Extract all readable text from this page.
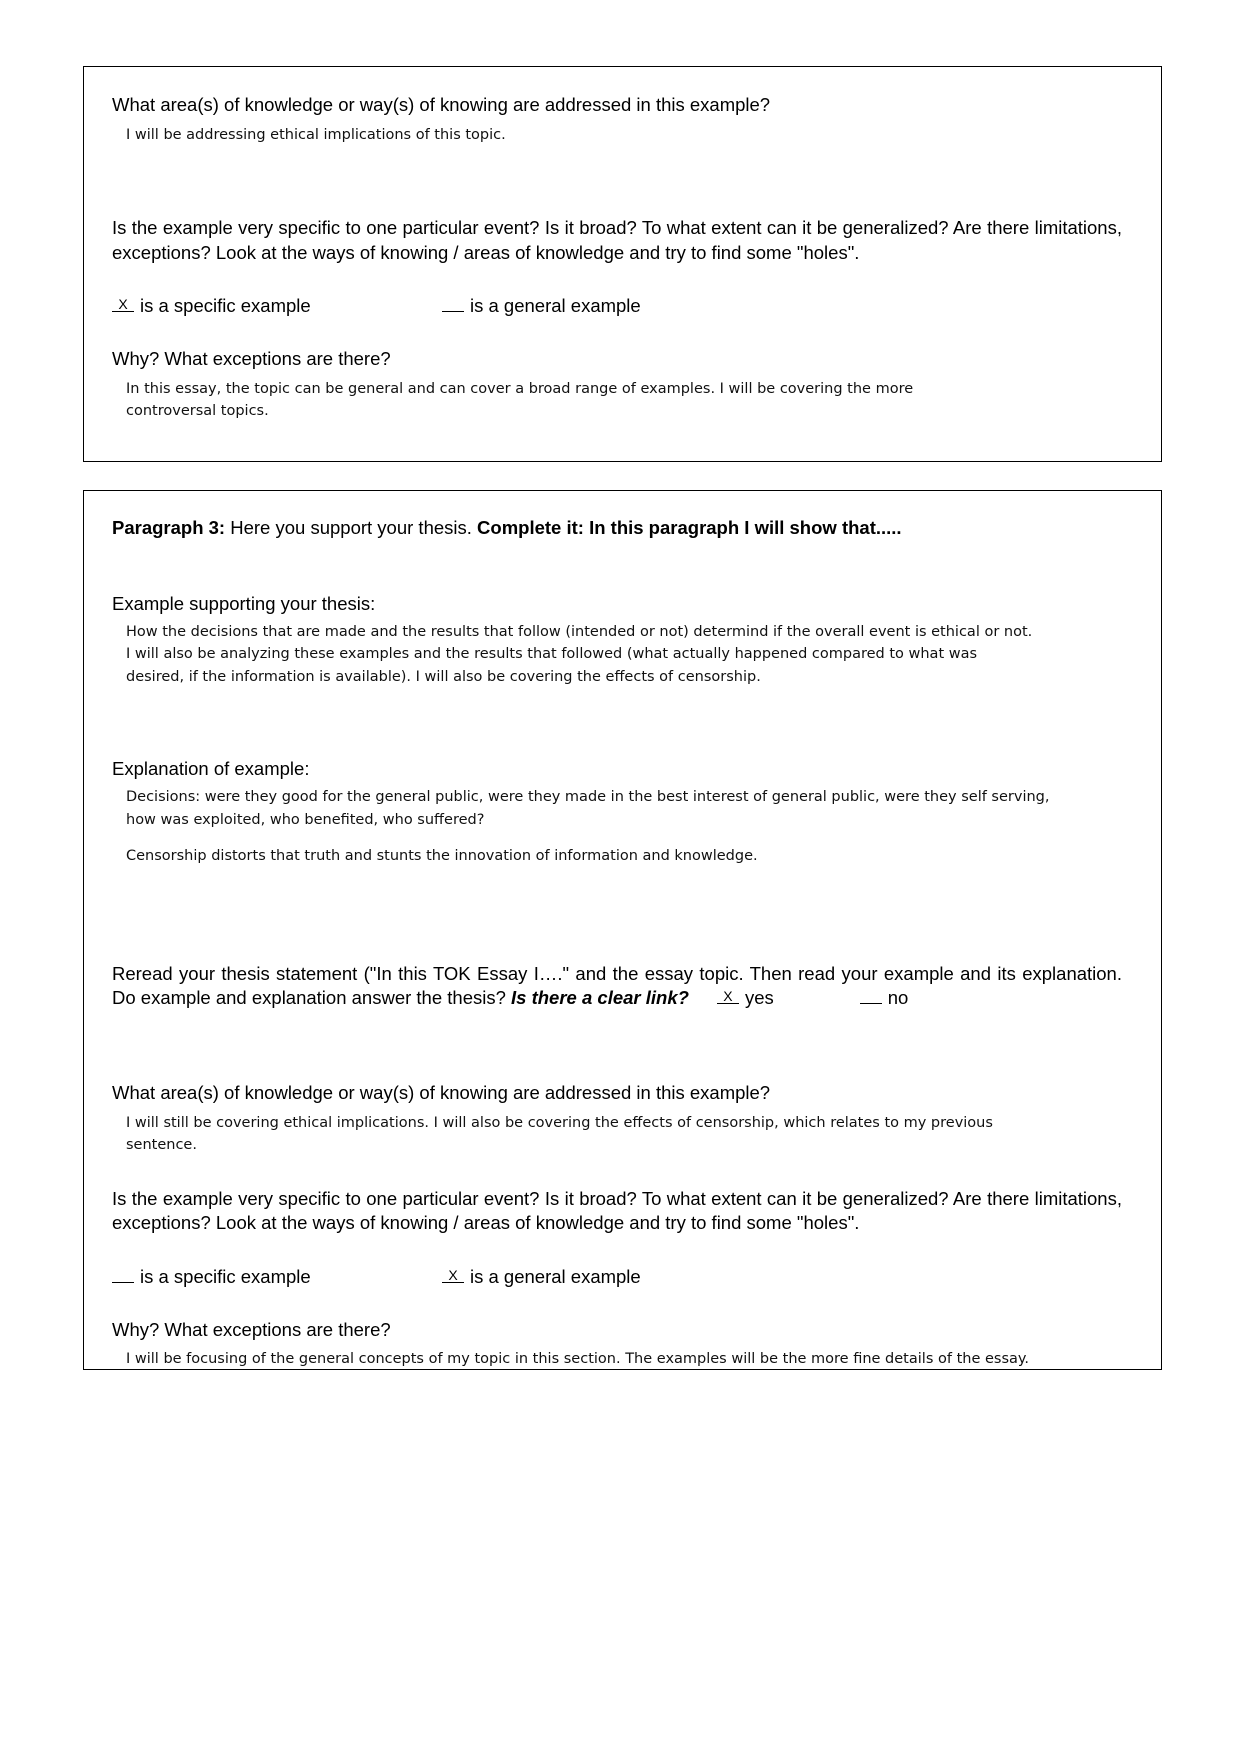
What area(s) of knowledge or way(s) of knowing are addressed in this example?

I will be addressing ethical implications of this topic.

Is the example very specific to one particular event? Is it broad? To what extent can it be generalized? Are there limitations, exceptions? Look at the ways of knowing / areas of knowledge and try to find some "holes".

X is a specific example	__ is a general example

Why? What exceptions are there?

In this essay, the topic can be general and can cover a broad range of examples. I will be covering the more

controversal topics.

Paragraph 3: Here you support your thesis. Complete it: In this paragraph I will show that.....

Example supporting your thesis:

How the decisions that are made and the results that follow (intended or not) determind if the overall event is ethical or not.

I will also be analyzing these examples and the results that followed (what actually happened compared to what was

desired, if the information is available). I will also be covering the effects of censorship.

Explanation of example:

Decisions: were they good for the general public, were they made in the best interest of general public, were they self serving,

how was exploited, who benefited, who suffered?

Censorship distorts that truth and stunts the innovation of information and knowledge.

Reread your thesis statement ("In this TOK Essay I…." and the essay topic. Then read your example and its explanation. Do example and explanation answer the thesis? Is there a clear link? X yes	__ no

What area(s) of knowledge or way(s) of knowing are addressed in this example?

I will still be covering ethical implications. I will also be covering the effects of censorship, which relates to my previous

sentence.

Is the example very specific to one particular event? Is it broad? To what extent can it be generalized? Are there limitations, exceptions? Look at the ways of knowing / areas of knowledge and try to find some "holes".

__ is a specific example	X is a general example

Why? What exceptions are there?

I will be focusing of the general concepts of my topic in this section. The examples will be the more fine details of the essay.
